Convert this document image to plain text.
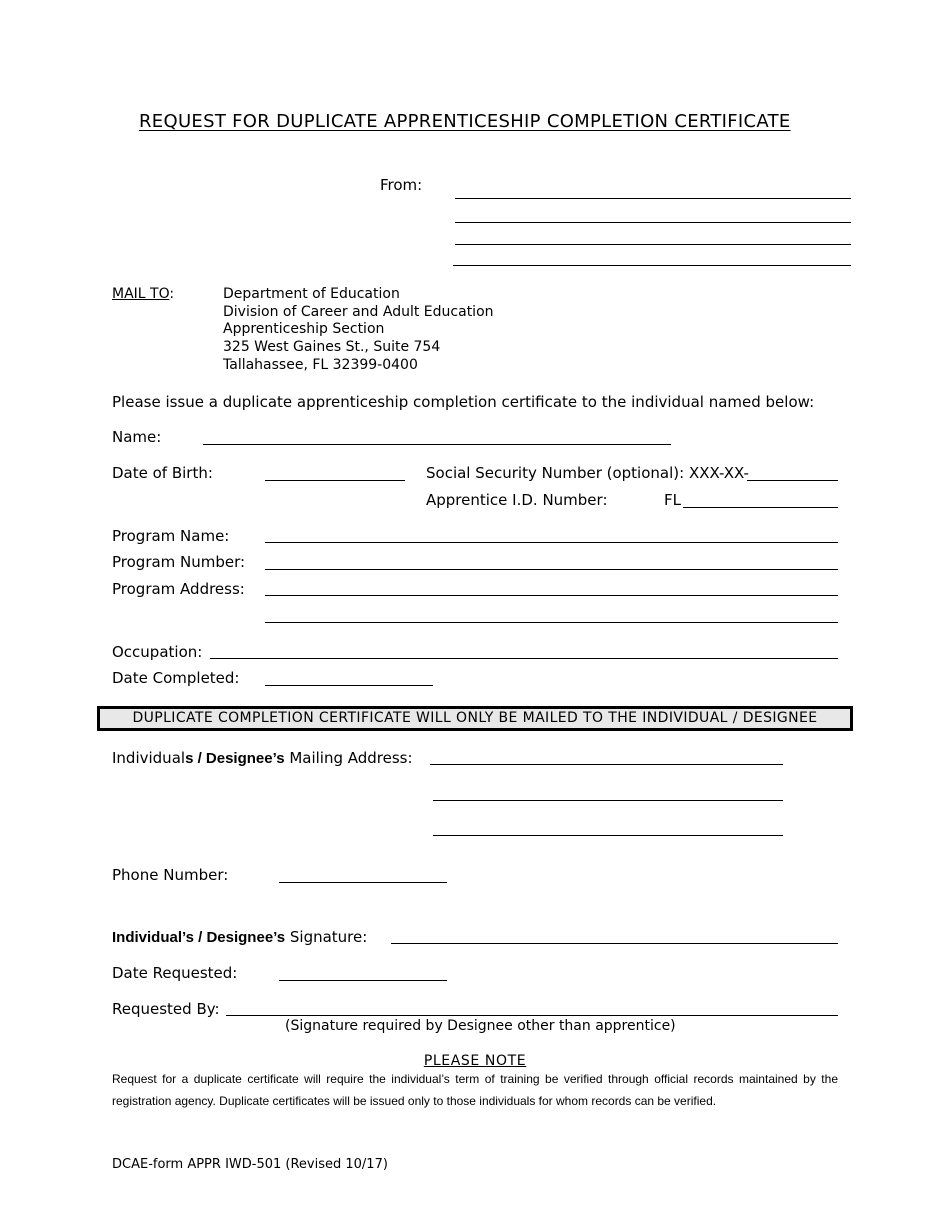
REQUEST FOR DUPLICATE APPRENTICESHIP COMPLETION CERTIFICATE
From:
MAIL TO:	Department of Education
Division of Career and Adult Education
Apprenticeship Section
325 West Gaines St., Suite 754
Tallahassee, FL 32399-0400
Please issue a duplicate apprenticeship completion certificate to the individual named below:
Name:
Date of Birth:	Social Security Number (optional): XXX-XX-
Apprentice I.D. Number:	FL
Program Name:
Program Number:
Program Address:
Occupation:
Date Completed:
DUPLICATE COMPLETION CERTIFICATE WILL ONLY BE MAILED TO THE INDIVIDUAL / DESIGNEE
Individuals / Designee’s Mailing Address:
Phone Number:
Individual’s / Designee’s Signature:
Date Requested:
Requested By:
(Signature required by Designee other than apprentice)
PLEASE NOTE
Request for a duplicate certificate will require the individual’s term of training be verified through official records maintained by the registration agency. Duplicate certificates will be issued only to those individuals for whom records can be verified.
DCAE-form APPR IWD-501 (Revised 10/17)
